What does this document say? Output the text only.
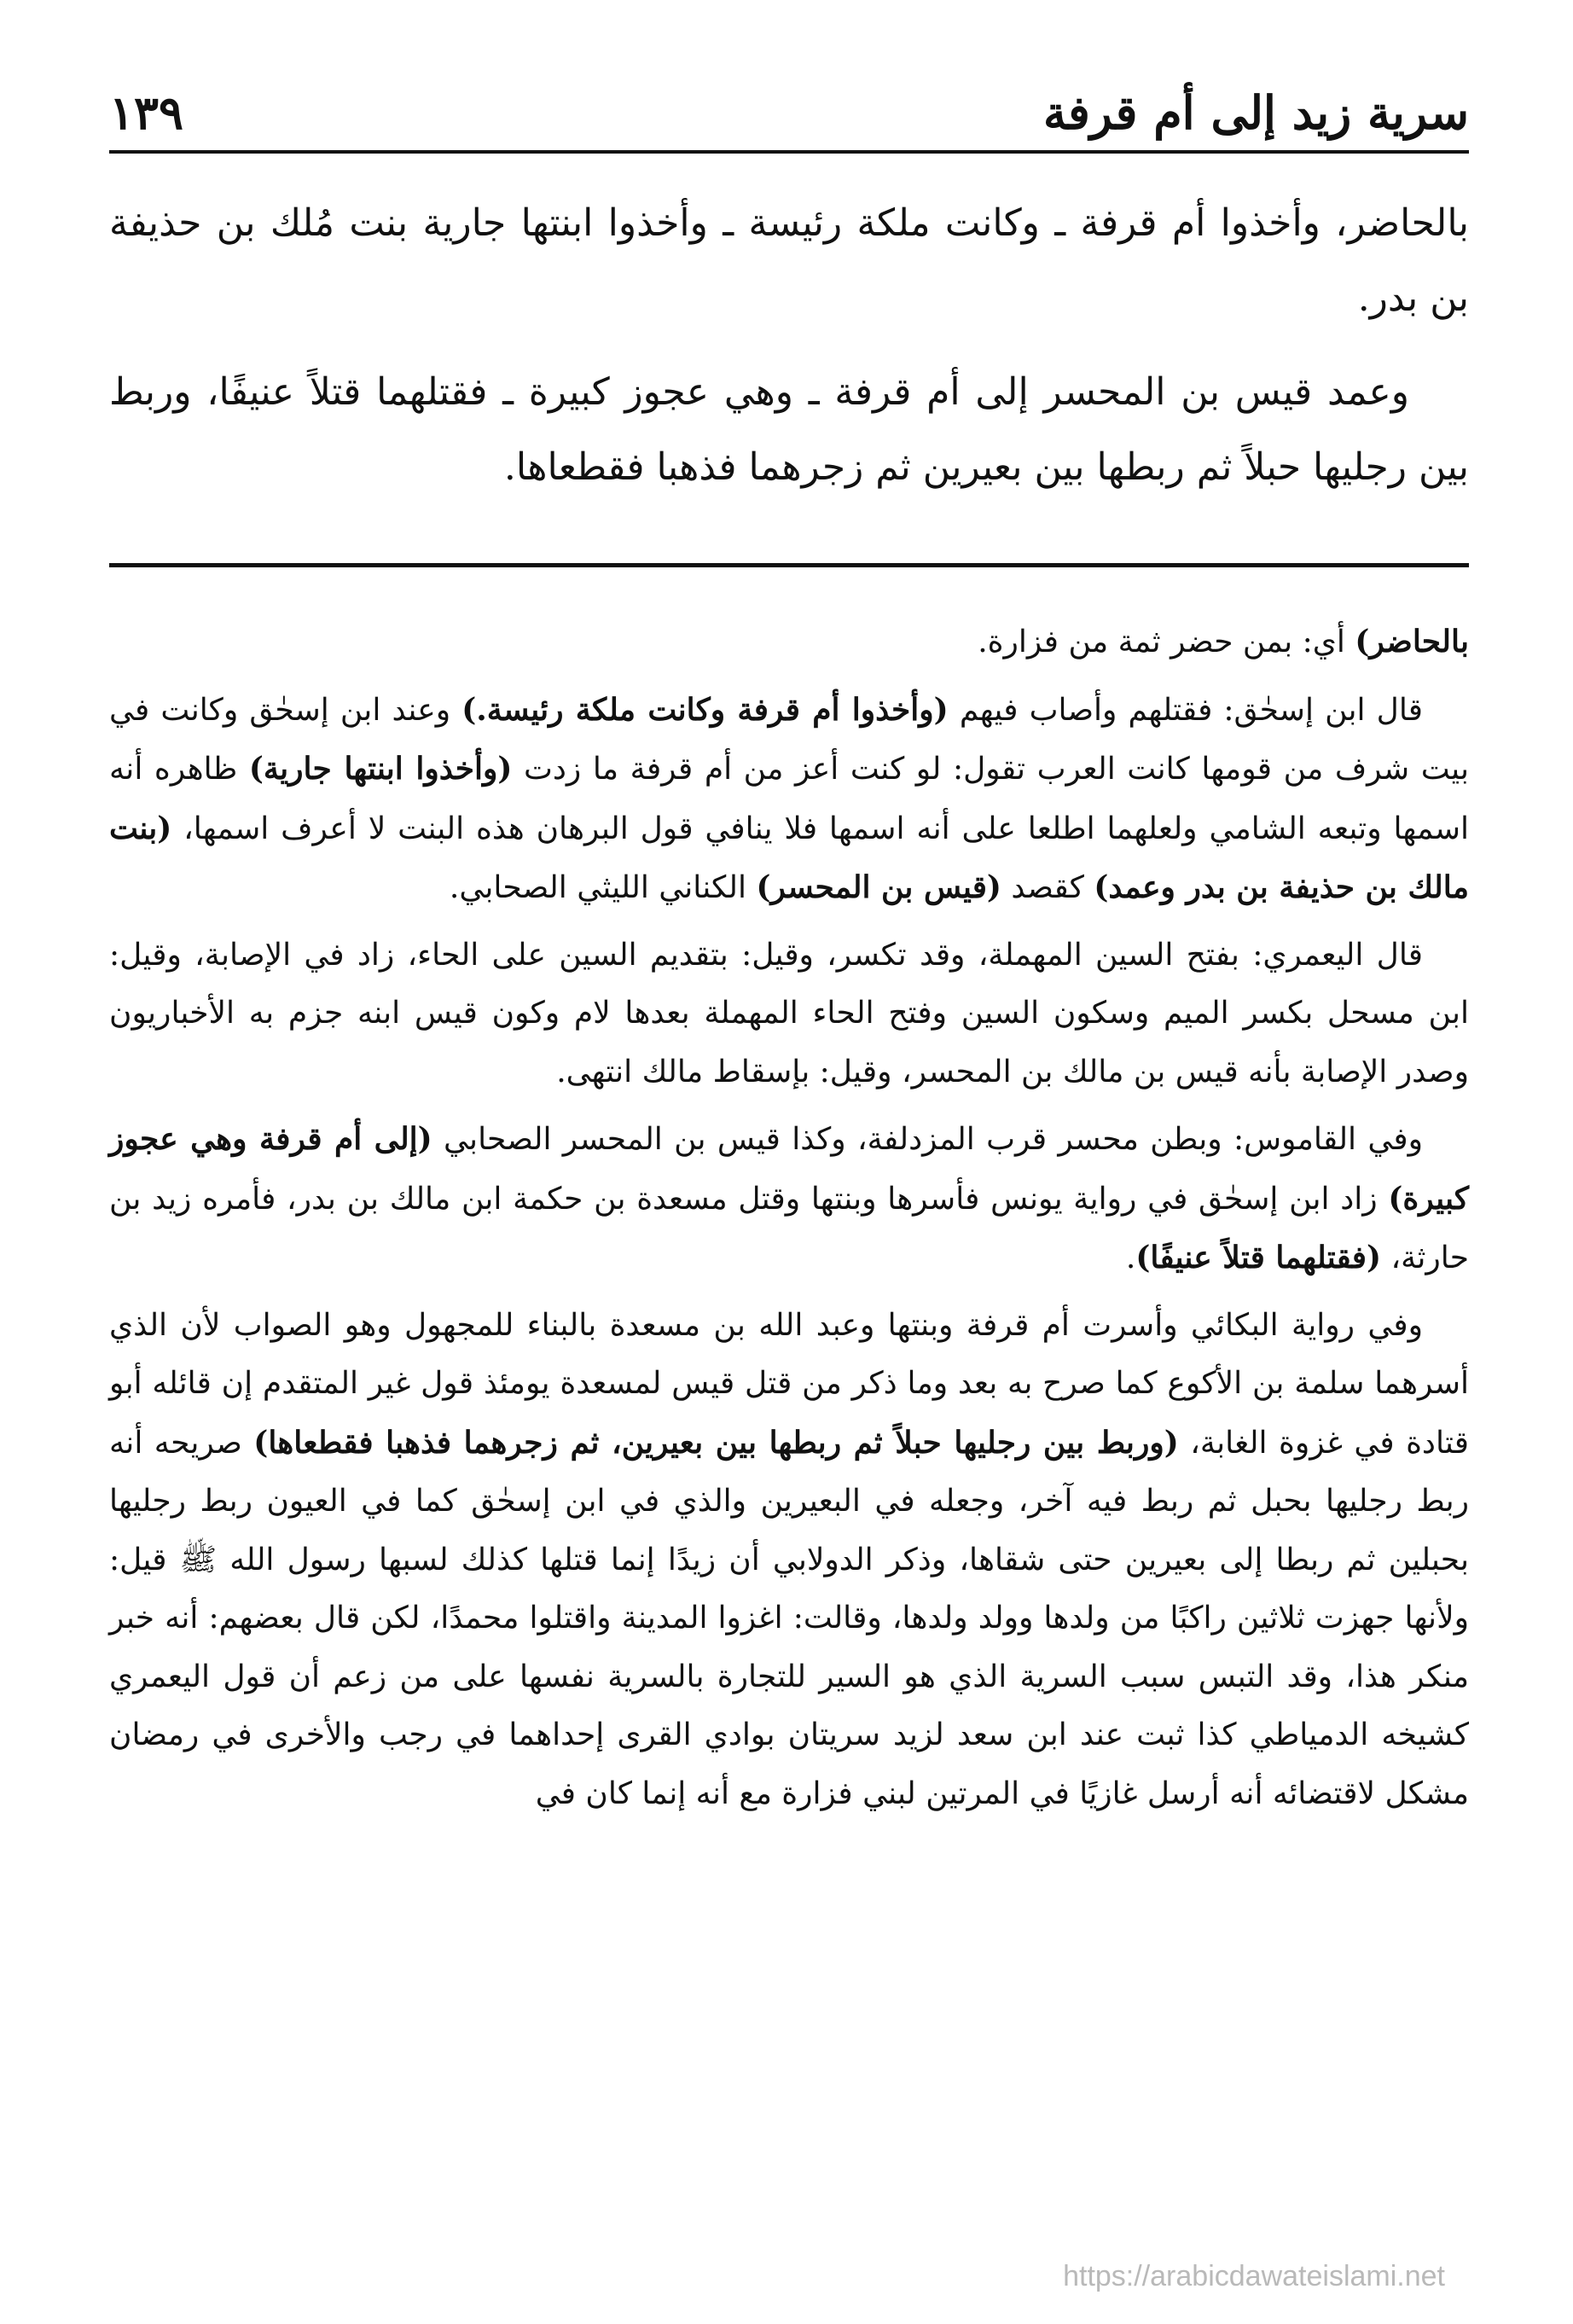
سرية زيد إلى أم قرفة
١٣٩

بالحاضر، وأخذوا أم قرفة ـ وكانت ملكة رئيسة ـ وأخذوا ابنتها جارية بنت مُلك بن حذيفة بن بدر.

وعمد قيس بن المحسر إلى أم قرفة ـ وهي عجوز كبيرة ـ فقتلهما قتلاً عنيفًا، وربط بين رجليها حبلاً ثم ربطها بين بعيرين ثم زجرهما فذهبا فقطعاها.

بالحاضر) أي: بمن حضر ثمة من فزارة.

قال ابن إسحٰق: فقتلهم وأصاب فيهم (وأخذوا أم قرفة وكانت ملكة رئيسة.) وعند ابن إسحٰق وكانت في بيت شرف من قومها كانت العرب تقول: لو كنت أعز من أم قرفة ما زدت (وأخذوا ابنتها جارية) ظاهره أنه اسمها وتبعه الشامي ولعلهما اطلعا على أنه اسمها فلا ينافي قول البرهان هذه البنت لا أعرف اسمها، (بنت مالك بن حذيفة بن بدر وعمد) كقصد (قيس بن المحسر) الكناني الليثي الصحابي.

قال اليعمري: بفتح السين المهملة، وقد تكسر، وقيل: بتقديم السين على الحاء، زاد في الإصابة، وقيل: ابن مسحل بكسر الميم وسكون السين وفتح الحاء المهملة بعدها لام وكون قيس ابنه جزم به الأخباريون وصدر الإصابة بأنه قيس بن مالك بن المحسر، وقيل: بإسقاط مالك انتهى.

وفي القاموس: وبطن محسر قرب المزدلفة، وكذا قيس بن المحسر الصحابي (إلى أم قرفة وهي عجوز كبيرة) زاد ابن إسحٰق في رواية يونس فأسرها وبنتها وقتل مسعدة بن حكمة ابن مالك بن بدر، فأمره زيد بن حارثة، (فقتلهما قتلاً عنيفًا).

وفي رواية البكائي وأسرت أم قرفة وبنتها وعبد الله بن مسعدة بالبناء للمجهول وهو الصواب لأن الذي أسرهما سلمة بن الأكوع كما صرح به بعد وما ذكر من قتل قيس لمسعدة يومئذ قول غير المتقدم إن قائله أبو قتادة في غزوة الغابة، (وربط بين رجليها حبلاً ثم ربطها بين بعيرين، ثم زجرهما فذهبا فقطعاها) صريحه أنه ربط رجليها بحبل ثم ربط فيه آخر، وجعله في البعيرين والذي في ابن إسحٰق كما في العيون ربط رجليها بحبلين ثم ربطا إلى بعيرين حتى شقاها، وذكر الدولابي أن زيدًا إنما قتلها كذلك لسبها رسول الله ﷺ قيل: ولأنها جهزت ثلاثين راكبًا من ولدها وولد ولدها، وقالت: اغزوا المدينة واقتلوا محمدًا، لكن قال بعضهم: أنه خبر منكر هذا، وقد التبس سبب السرية الذي هو السير للتجارة بالسرية نفسها على من زعم أن قول اليعمري كشيخه الدمياطي كذا ثبت عند ابن سعد لزيد سريتان بوادي القرى إحداهما في رجب والأخرى في رمضان مشكل لاقتضائه أنه أرسل غازيًا في المرتين لبني فزارة مع أنه إنما كان في

https://arabicdawateislami.net
